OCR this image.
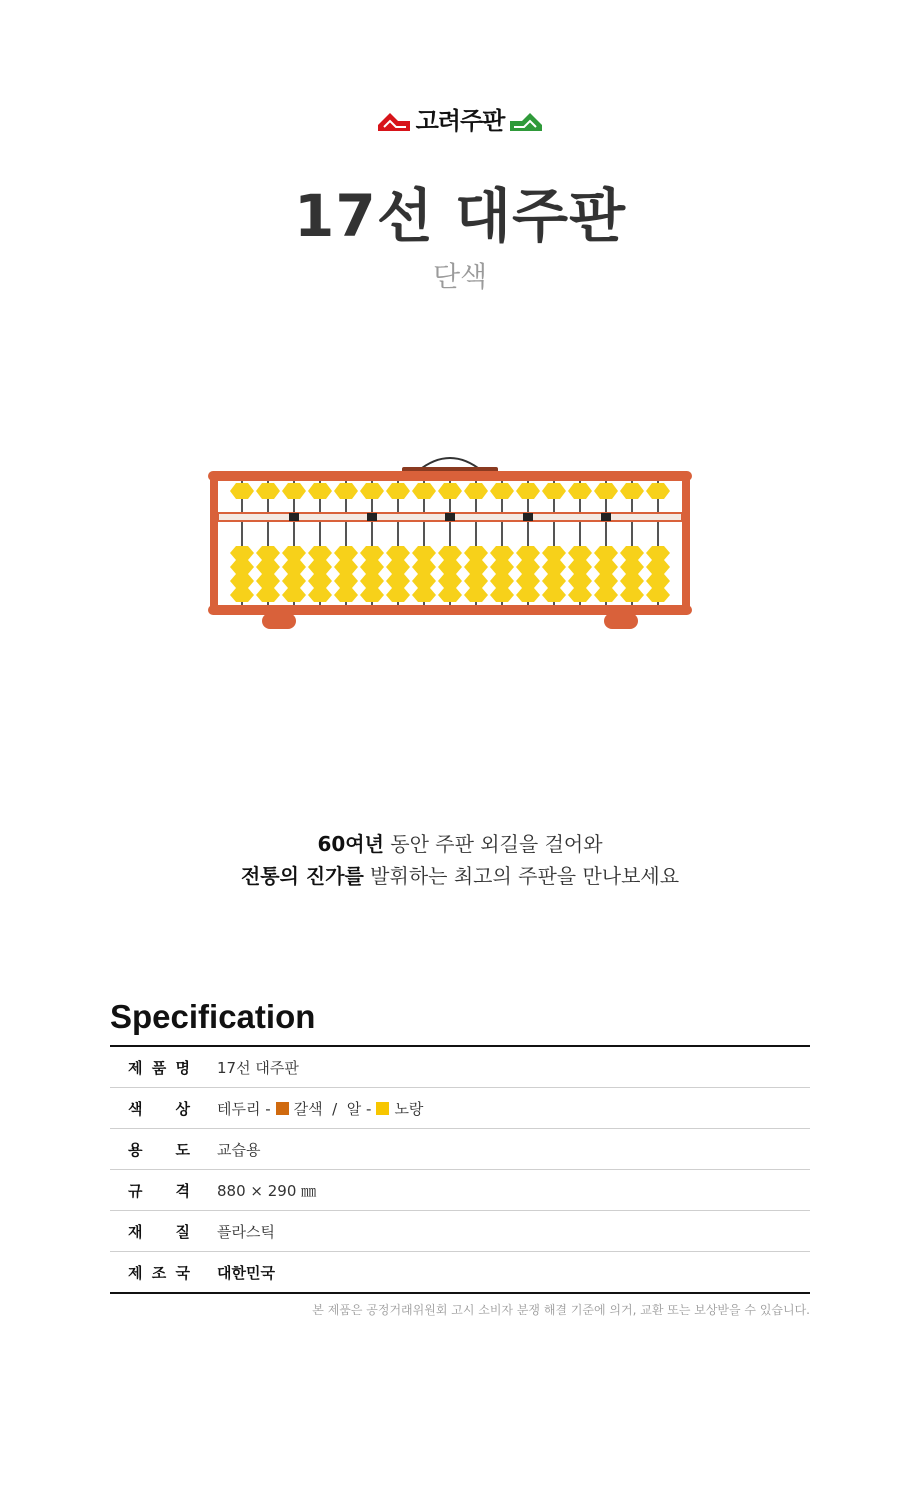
고려주판
17선 대주판
단색
60여년 동안 주판 외길을 걸어와
전통의 진가를 발휘하는 최고의 주판을 만나보세요
Specification
제 품 명 17선 대주판
색 상 테두리 - 갈색  /  알 - 노랑
용 도 교습용
규 격 880 × 290 ㎜
재 질 플라스틱
제 조 국 대한민국
본 제품은 공정거래위원회 고시 소비자 분쟁 해결 기준에 의거, 교환 또는 보상받을 수 있습니다.
